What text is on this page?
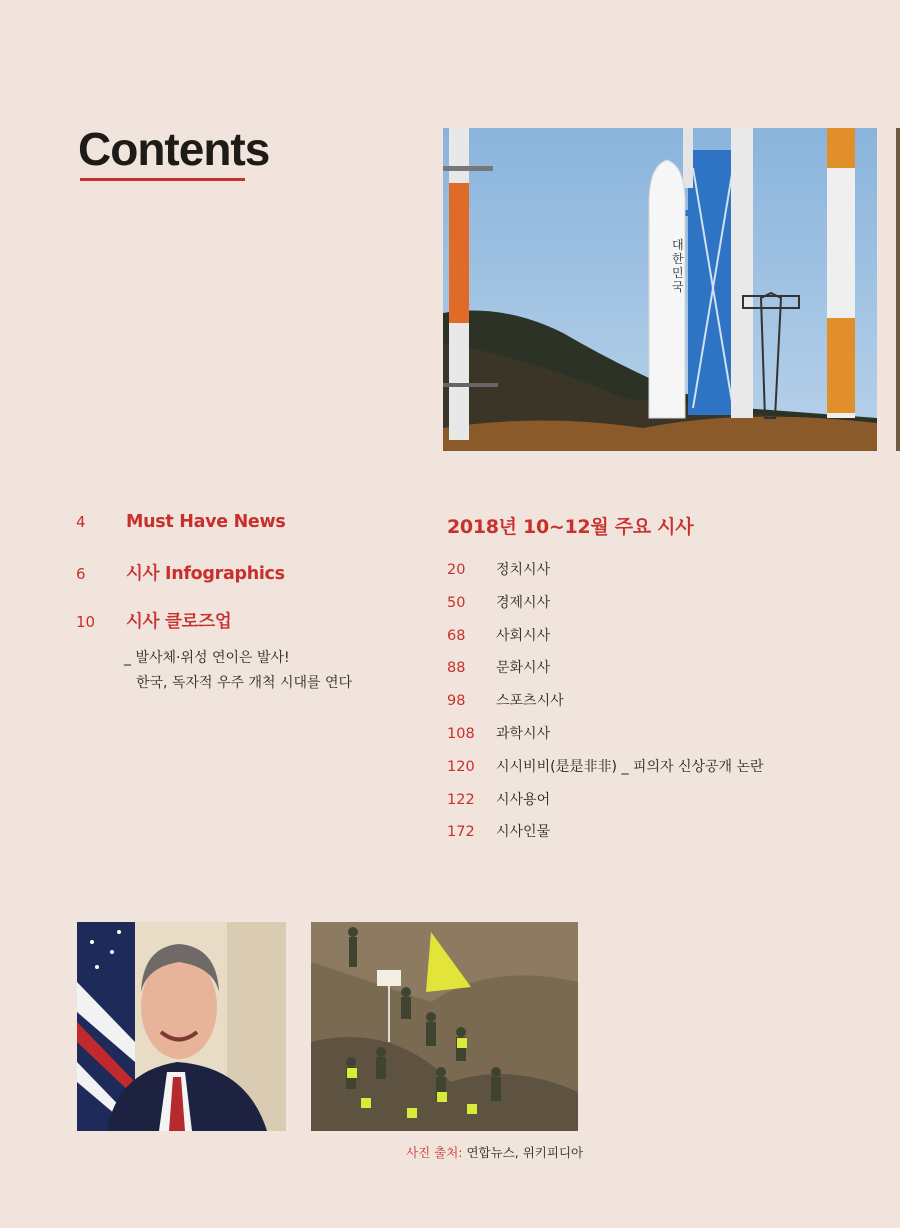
Contents
대한민국
4	Must Have News
6	시사 Infographics
10	시사 클로즈업
_ 발사체·위성 연이은 발사!
한국, 독자적 우주 개척 시대를 연다
2018년 10~12월 주요 시사
20	정치시사
50	경제시사
68	사회시사
88	문화시사
98	스포츠시사
108	과학시사
120	시시비비(是是非非) _ 피의자 신상공개 논란
122	시사용어
172	시사인물
사진 출처: 연합뉴스, 위키피디아
